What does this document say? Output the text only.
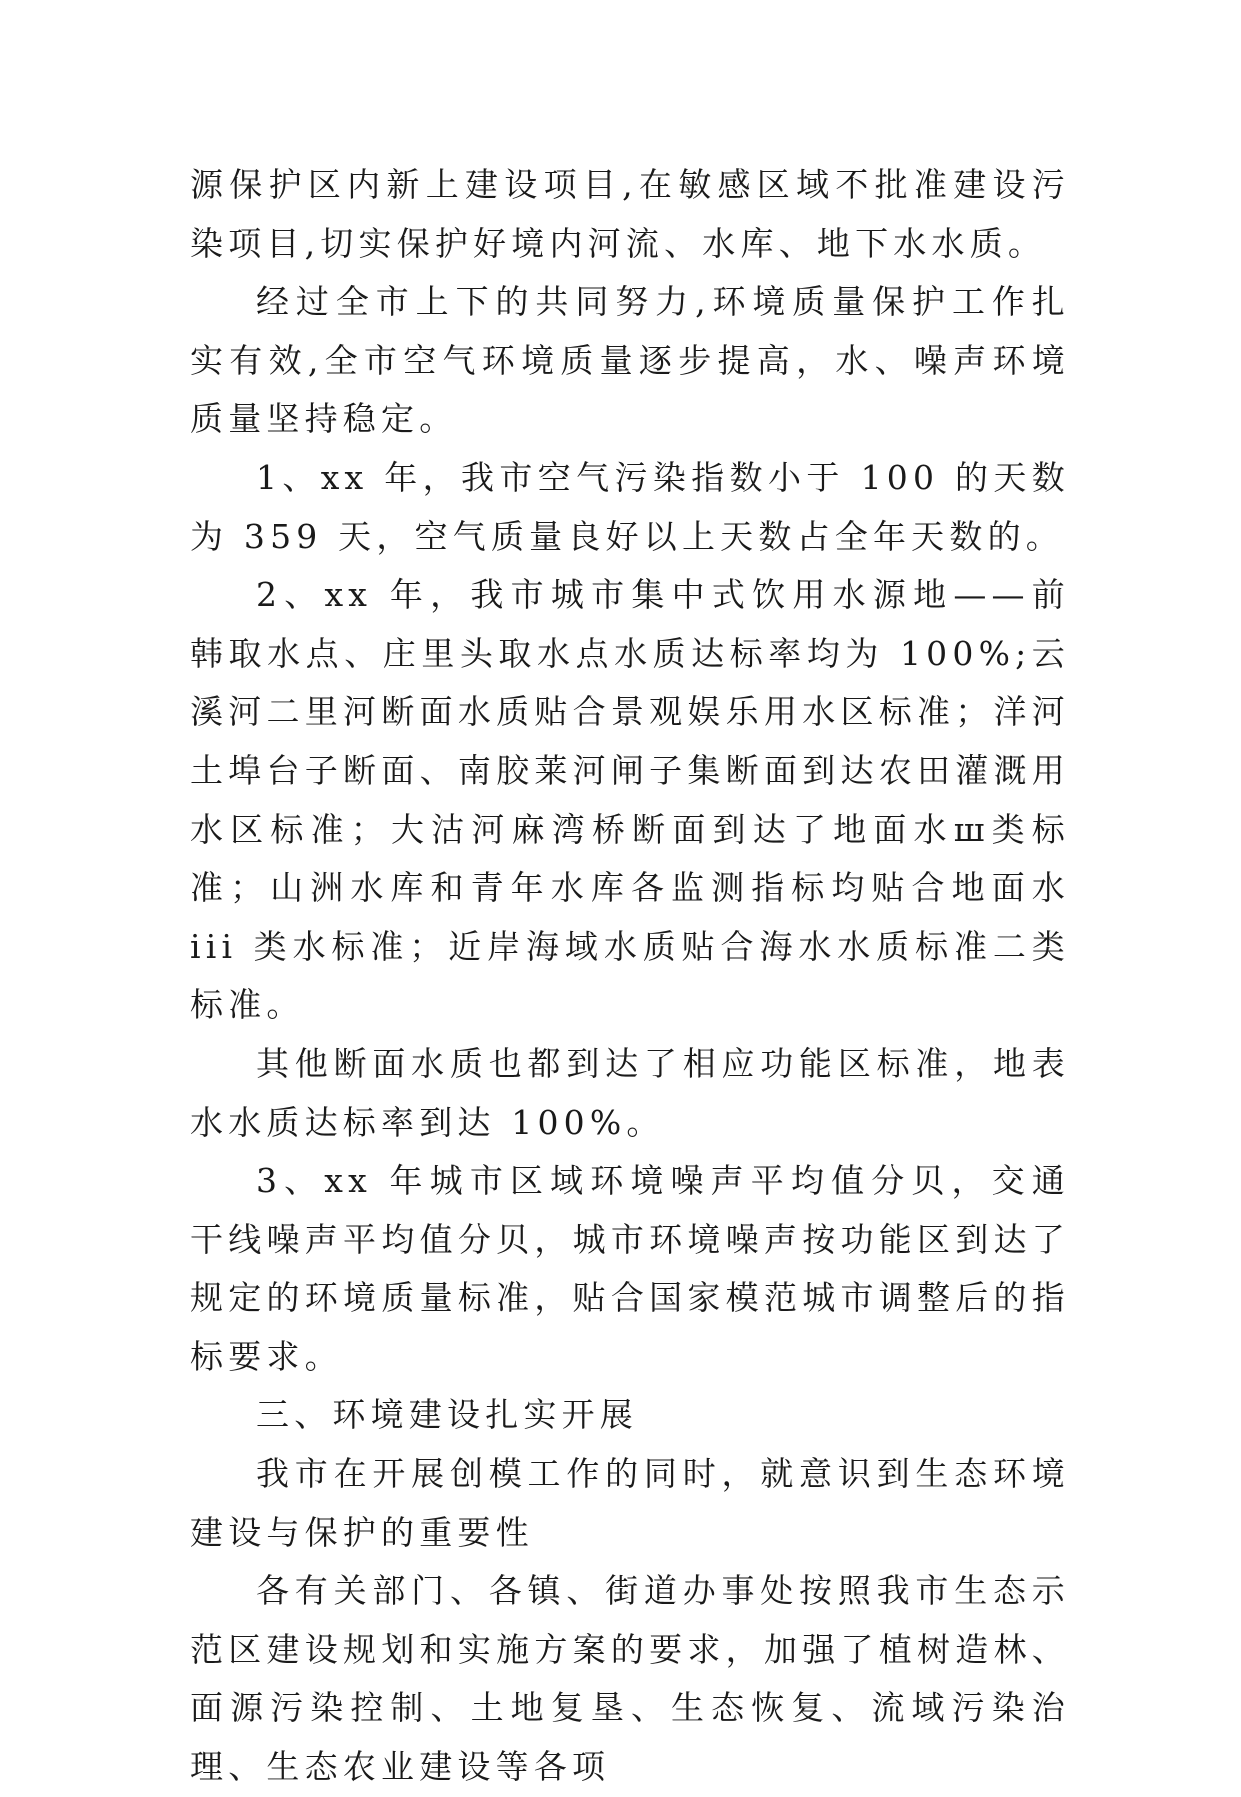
源保护区内新上建设项目,在敏感区域不批准建设污染项目,切实保护好境内河流、水库、地下水水质。

经过全市上下的共同努力,环境质量保护工作扎实有效,全市空气环境质量逐步提高，水、噪声环境质量坚持稳定。

1、xx 年，我市空气污染指数小于 100 的天数为 359 天，空气质量良好以上天数占全年天数的。

2、xx 年，我市城市集中式饮用水源地——前韩取水点、庄里头取水点水质达标率均为 100%;云溪河二里河断面水质贴合景观娱乐用水区标准；洋河土埠台子断面、南胶莱河闸子集断面到达农田灌溉用水区标准；大沽河麻湾桥断面到达了地面水ш类标准；山洲水库和青年水库各监测指标均贴合地面水 iii 类水标准；近岸海域水质贴合海水水质标准二类标准。

其他断面水质也都到达了相应功能区标准，地表水水质达标率到达 100%。

3、xx 年城市区域环境噪声平均值分贝，交通干线噪声平均值分贝，城市环境噪声按功能区到达了规定的环境质量标准，贴合国家模范城市调整后的指标要求。

三、环境建设扎实开展

我市在开展创模工作的同时，就意识到生态环境建设与保护的重要性

各有关部门、各镇、街道办事处按照我市生态示范区建设规划和实施方案的要求，加强了植树造林、面源污染控制、土地复垦、生态恢复、流域污染治理、生态农业建设等各项
